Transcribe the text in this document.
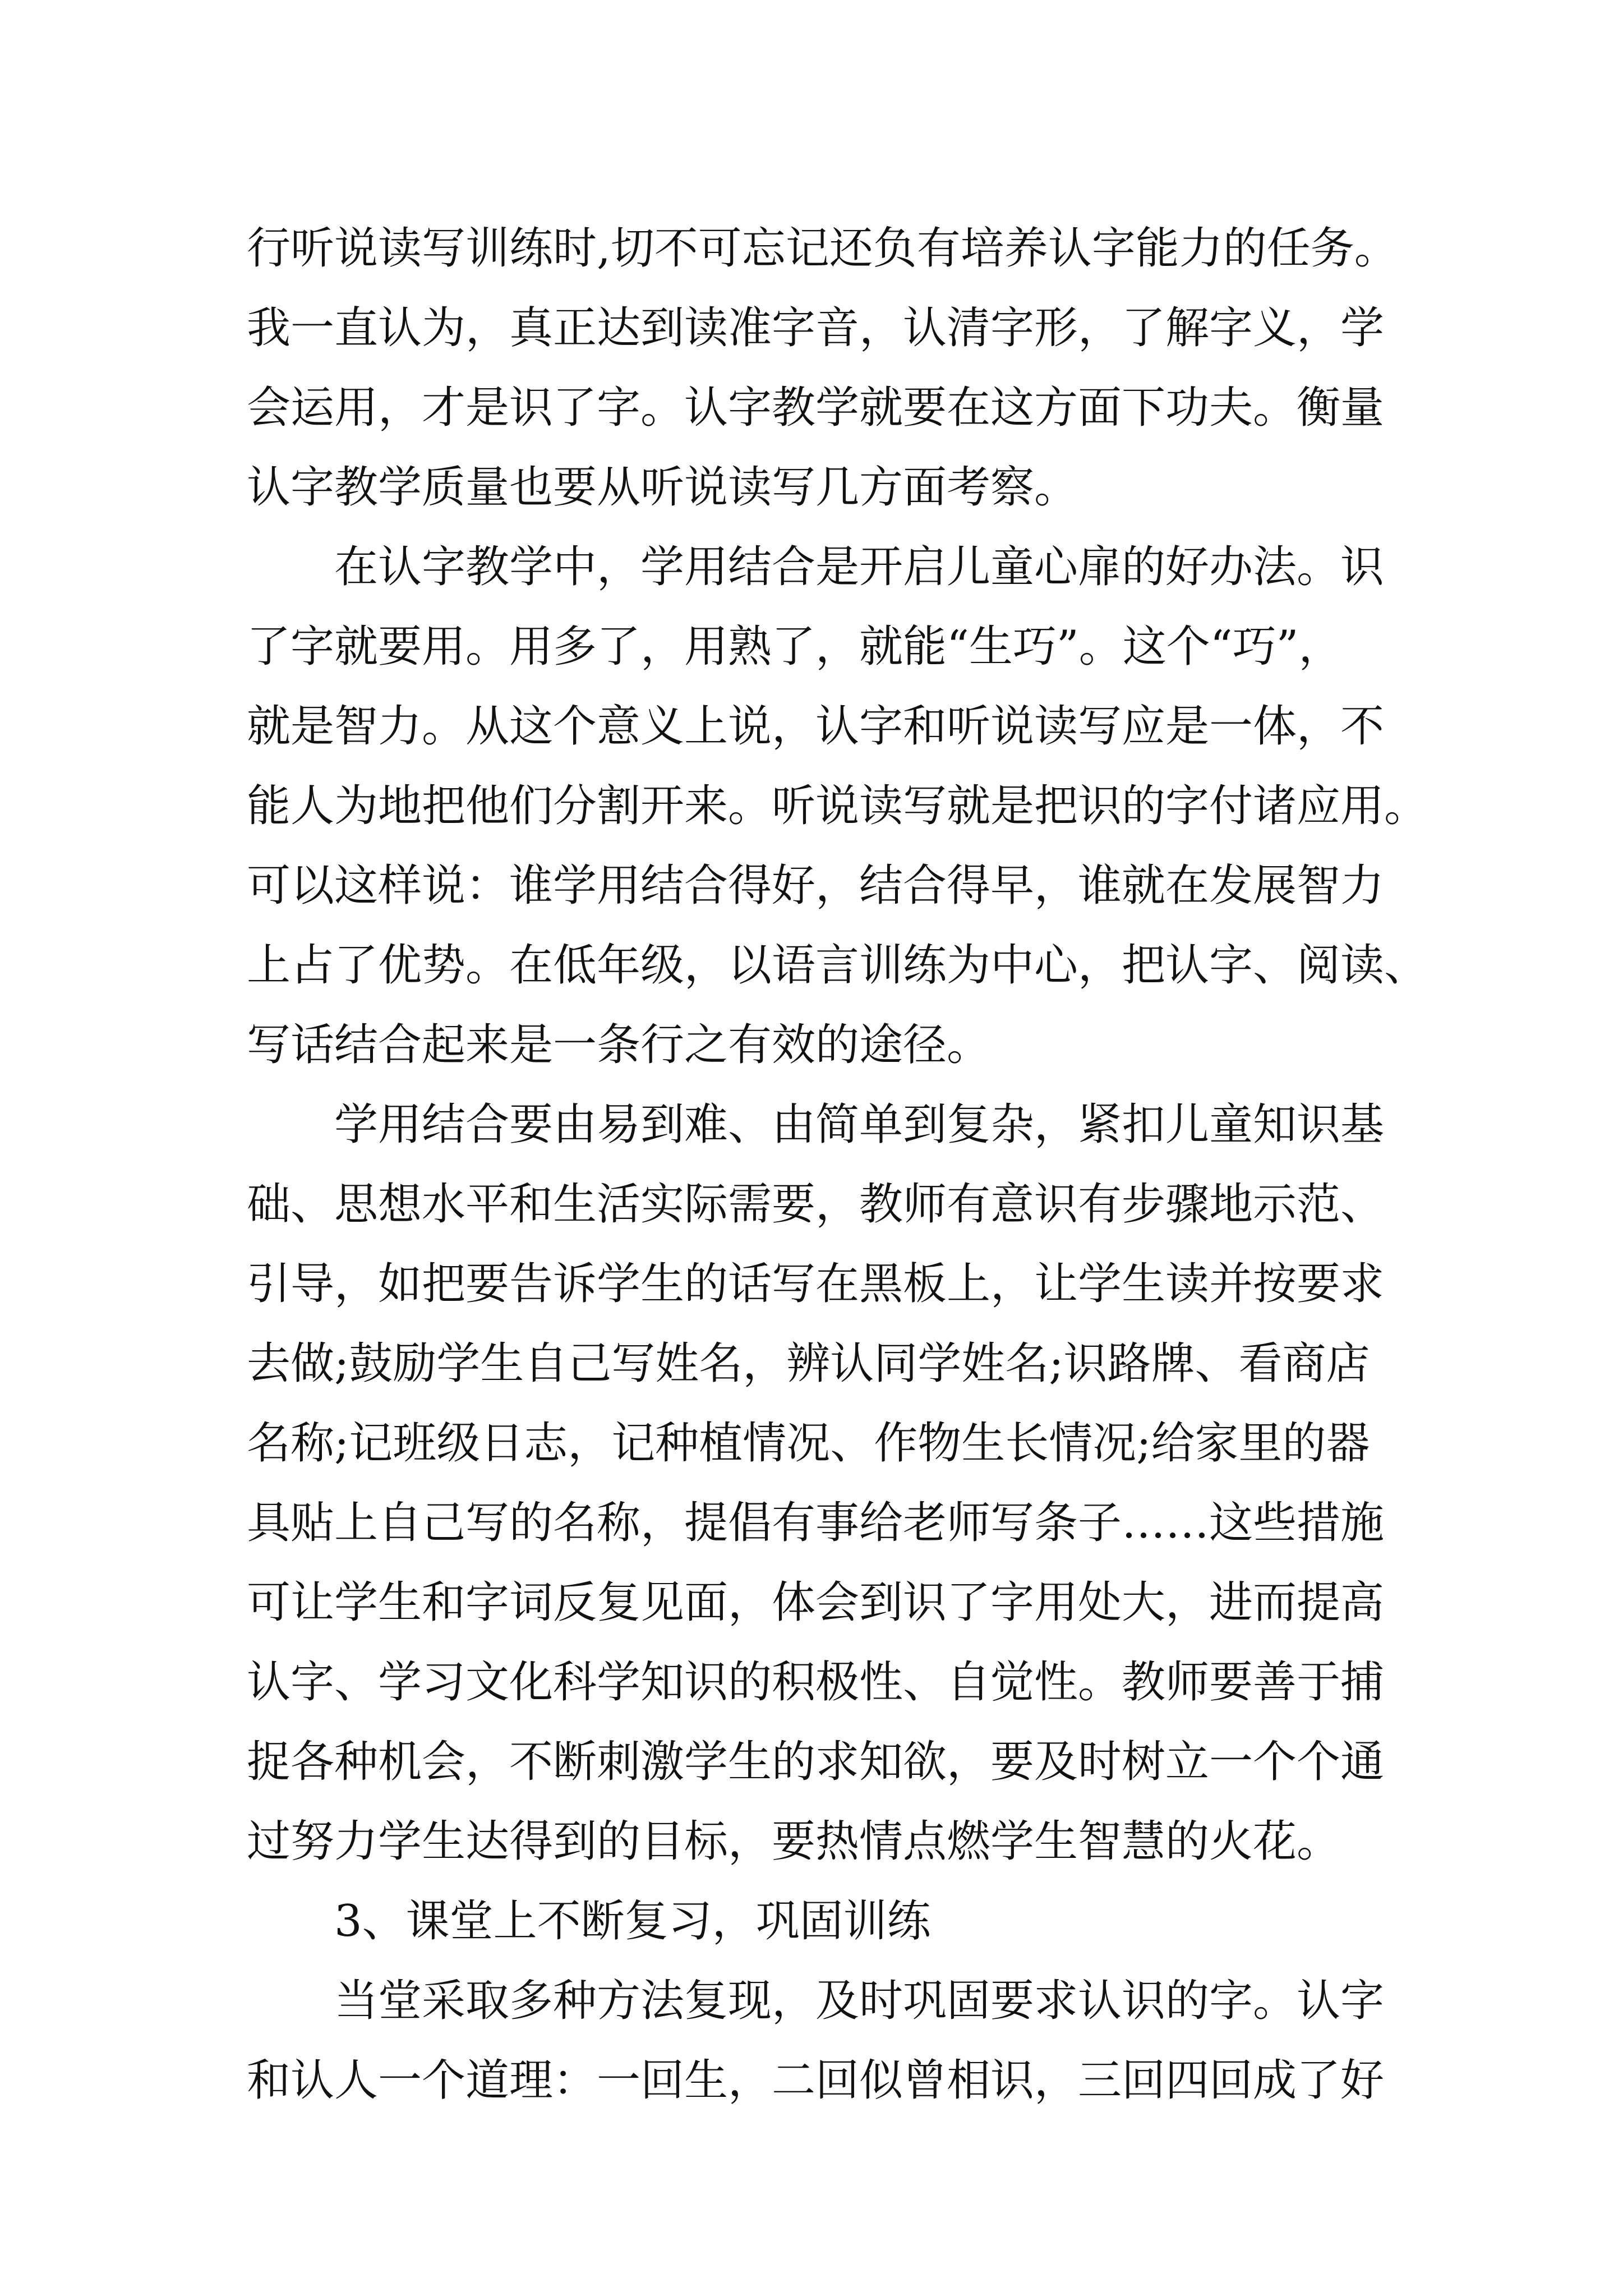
行听说读写训练时,切不可忘记还负有培养认字能力的任务。
我一直认为，真正达到读准字音，认清字形，了解字义，学
会运用，才是识了字。认字教学就要在这方面下功夫。衡量
认字教学质量也要从听说读写几方面考察。
　　在认字教学中，学用结合是开启儿童心扉的好办法。识
了字就要用。用多了，用熟了，就能“生巧”。这个“巧”，
就是智力。从这个意义上说，认字和听说读写应是一体，不
能人为地把他们分割开来。听说读写就是把识的字付诸应用。
可以这样说：谁学用结合得好，结合得早，谁就在发展智力
上占了优势。在低年级，以语言训练为中心，把认字、阅读、
写话结合起来是一条行之有效的途径。
　　学用结合要由易到难、由简单到复杂，紧扣儿童知识基
础、思想水平和生活实际需要，教师有意识有步骤地示范、
引导，如把要告诉学生的话写在黑板上，让学生读并按要求
去做;鼓励学生自己写姓名，辨认同学姓名;识路牌、看商店
名称;记班级日志，记种植情况、作物生长情况;给家里的器
具贴上自己写的名称，提倡有事给老师写条子……这些措施
可让学生和字词反复见面，体会到识了字用处大，进而提高
认字、学习文化科学知识的积极性、自觉性。教师要善于捕
捉各种机会，不断刺激学生的求知欲，要及时树立一个个通
过努力学生达得到的目标，要热情点燃学生智慧的火花。
　　3、课堂上不断复习，巩固训练
　　当堂采取多种方法复现，及时巩固要求认识的字。认字
和认人一个道理：一回生，二回似曾相识，三回四回成了好
